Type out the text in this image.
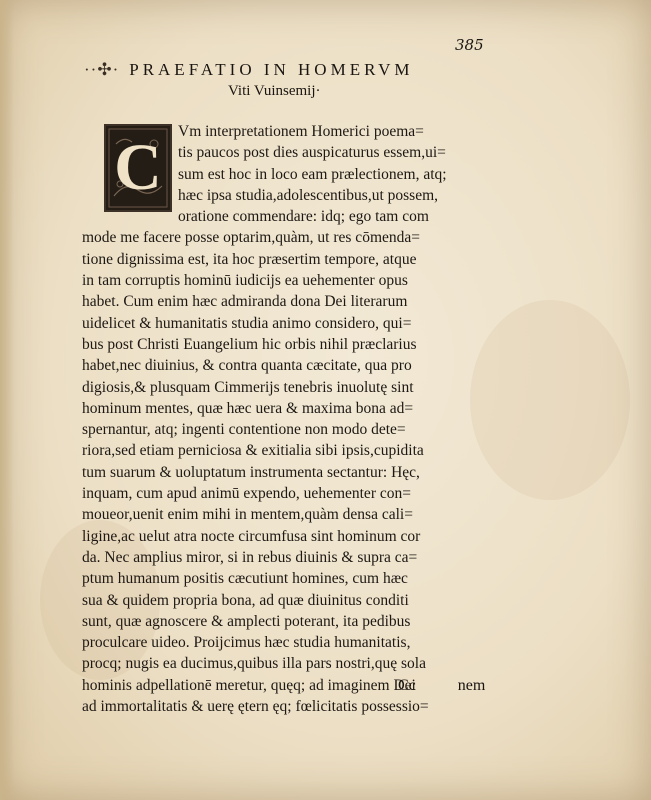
385
··✣· PRAEFATIO IN HOMERVM
Viti Vuinsemij·
C	Vm interpretationem Homerici poema=
tis paucos post dies auspicaturus essem,ui=
sum est hoc in loco eam prælectionem, atq;
hæc ipsa studia,adolescentibus,ut possem,
oratione commendare: idq; ego tam com
mode me facere posse optarim,quàm, ut res cōmenda=
tione dignissima est, ita hoc præsertim tempore, atque
in tam corruptis hominū iudicijs ea uehementer opus
habet. Cum enim hæc admiranda dona Dei literarum
uidelicet & humanitatis studia animo considero, qui=
bus post Christi Euangelium hic orbis nihil præclarius
habet,nec diuinius, & contra quanta cæcitate, qua pro
digiosis,& plusquam Cimmerijs tenebris inuolutę sint
hominum mentes, quæ hæc uera & maxima bona ad=
spernantur, atq; ingenti contentione non modo dete=
riora,sed etiam perniciosa & exitialia sibi ipsis,cupidita
tum suarum & uoluptatum instrumenta sectantur: Hęc,
inquam, cum apud animū expendo, uehementer con=
moueor,uenit enim mihi in mentem,quàm densa cali=
ligine,ac uelut atra nocte circumfusa sint hominum cor
da. Nec amplius miror, si in rebus diuinis & supra ca=
ptum humanum positis cæcutiunt homines, cum hæc
sua & quidem propria bona, ad quæ diuinitus conditi
sunt, quæ agnoscere & amplecti poterant, ita pedibus
proculcare uideo. Proijcimus hæc studia humanitatis,
procq; nugis ea ducimus,quibus illa pars nostri,quę sola
hominis adpellationē meretur, quęq; ad imaginem Dei
ad immortalitatis & uerę ętern ęq; fœlicitatis possessio=
Cc nem
